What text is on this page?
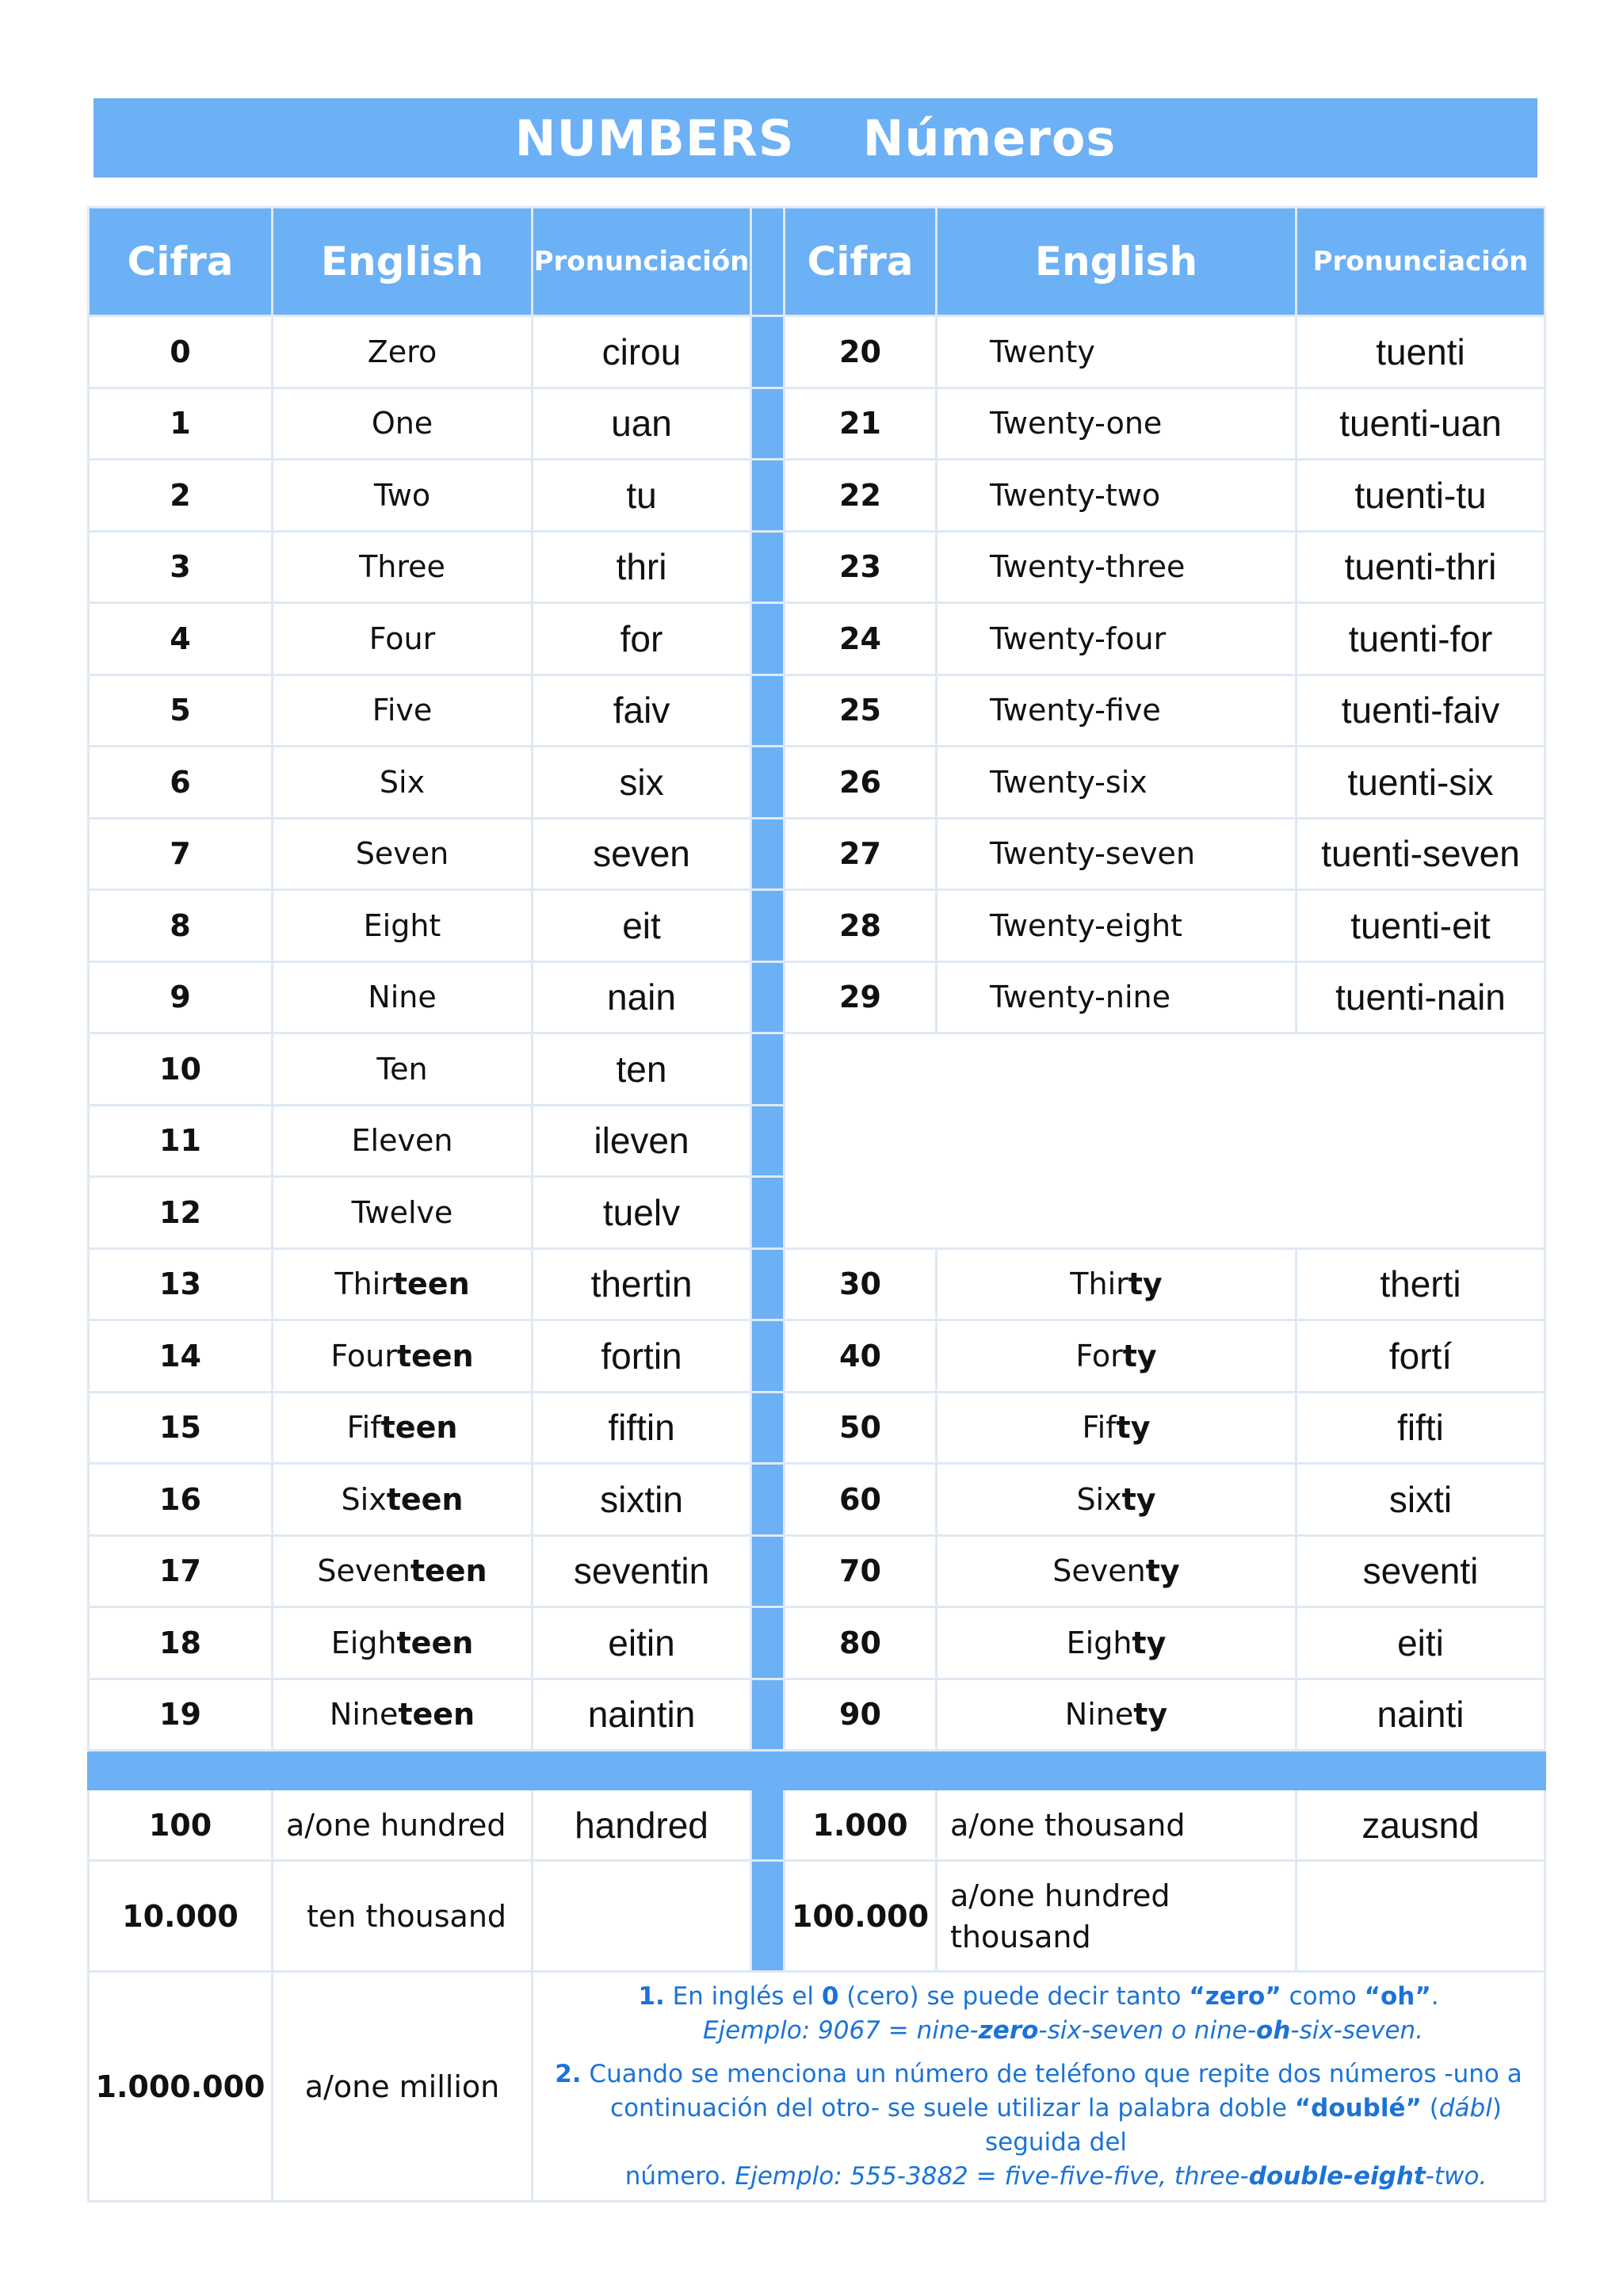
NUMBERS Números
Cifra	English	Pronunciación		Cifra	English	Pronunciación
0	Zero	cirou		20	Twenty	tuenti
1	One	uan		21	Twenty-one	tuenti-uan
2	Two	tu		22	Twenty-two	tuenti-tu
3	Three	thri		23	Twenty-three	tuenti-thri
4	Four	for		24	Twenty-four	tuenti-for
5	Five	faiv		25	Twenty-five	tuenti-faiv
6	Six	six		26	Twenty-six	tuenti-six
7	Seven	seven		27	Twenty-seven	tuenti-seven
8	Eight	eit		28	Twenty-eight	tuenti-eit
9	Nine	nain		29	Twenty-nine	tuenti-nain
10	Ten	ten				
11	Eleven	ileven				
12	Twelve	tuelv				
13	Thirteen	thertin		30	Thirty	therti
14	Fourteen	fortin		40	Forty	fortí
15	Fifteen	fiftin		50	Fifty	fifti
16	Sixteen	sixtin		60	Sixty	sixti
17	Seventeen	seventin		70	Seventy	seventi
18	Eighteen	eitin		80	Eighty	eiti
19	Nineteen	naintin		90	Ninety	nainti

100	a/one hundred	handred		1.000	a/one thousand	zausnd
10.000	ten thousand			100.000	a/one hundred
thousand	

1.000.000	a/one million	1. En inglés el 0 (cero) se puede decir tanto “zero” como “oh”.
Ejemplo: 9067 = nine-zero-six-seven o nine-oh-six-seven.
2. Cuando se menciona un número de teléfono que repite dos números -uno a
continuación del otro- se suele utilizar la palabra doble “doublé” (dábl) seguida del
número. Ejemplo: 555-3882 = five-five-five, three-double-eight-two.				
